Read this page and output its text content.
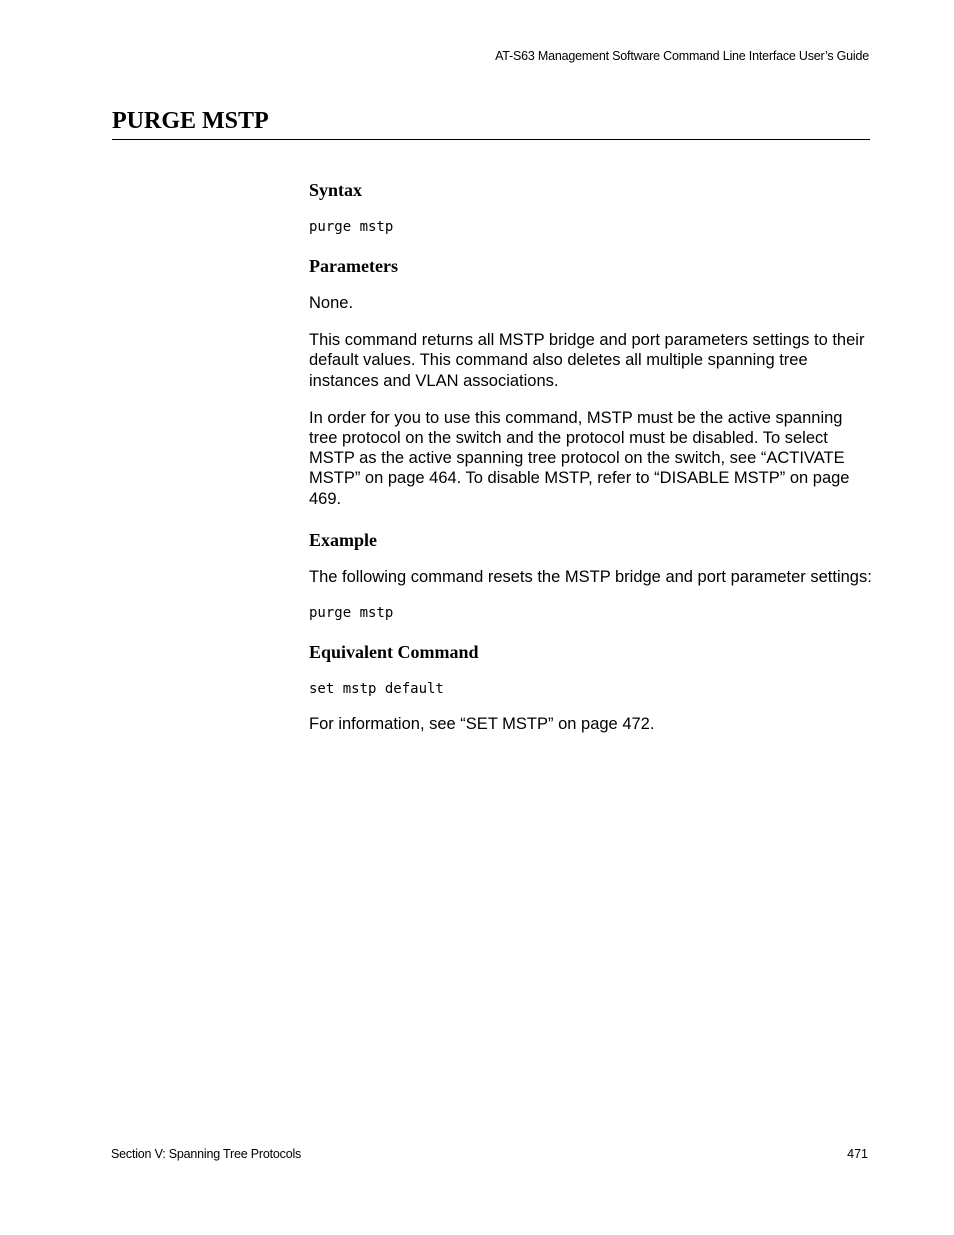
AT-S63 Management Software Command Line Interface User’s Guide
PURGE MSTP
Syntax

purge mstp

Parameters

None.

This command returns all MSTP bridge and port parameters settings to their default values. This command also deletes all multiple spanning tree instances and VLAN associations.

In order for you to use this command, MSTP must be the active spanning tree protocol on the switch and the protocol must be disabled. To select MSTP as the active spanning tree protocol on the switch, see “ACTIVATE MSTP” on page 464. To disable MSTP, refer to “DISABLE MSTP” on page 469.

Example

The following command resets the MSTP bridge and port parameter settings:

purge mstp

Equivalent Command

set mstp default

For information, see “SET MSTP” on page 472.

Section V: Spanning Tree Protocols	471
